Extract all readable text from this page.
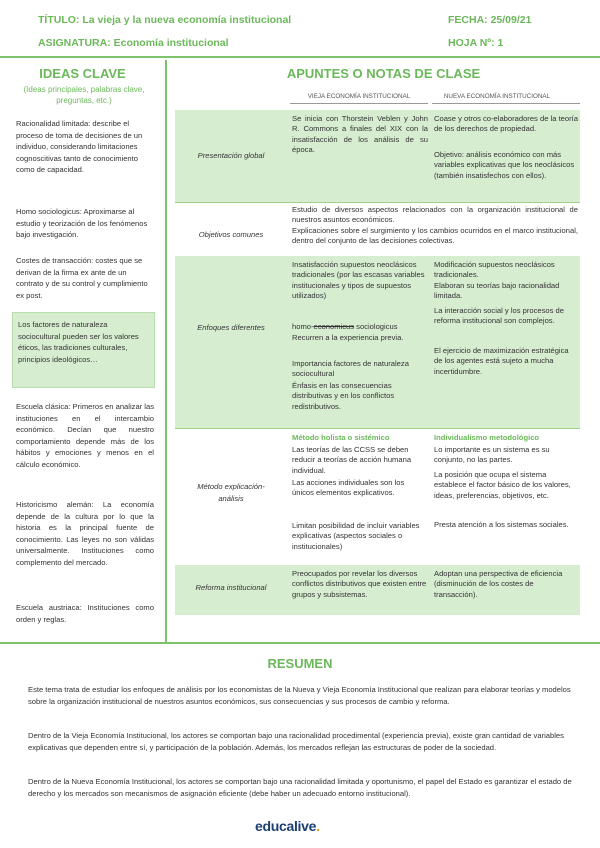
TÍTULO: La vieja y la nueva economía institucional
ASIGNATURA: Economía institucional
FECHA: 25/09/21
HOJA Nº: 1
IDEAS CLAVE
(Ideas principales, palabras clave, preguntas, etc.)
Racionalidad limitada: describe el proceso de toma de decisiones de un individuo, considerando limitaciones cognoscitivas tanto de conocimiento como de capacidad.
Homo sociologicus: Aproximarse al estudio y teorización de los fenómenos bajo investigación.
Costes de transacción: costes que se derivan de la firma ex ante de un contrato y de su control y cumplimiento ex post.
Los factores de naturaleza sociocultural pueden ser los valores éticos, las tradiciones culturales, principios ideológicos…
Escuela clásica: Primeros en analizar las instituciones en el intercambio económico. Decían que nuestro comportamiento depende más de los hábitos y emociones y menos en el cálculo económico.
Historicismo alemán: La economía depende de la cultura por lo que la historia es la principal fuente de conocimiento. Las leyes no son válidas universalmente. Instituciones como complemento del mercado.
Escuela austriaca: Instituciones como orden y reglas.
APUNTES O NOTAS DE CLASE
VIEJA ECONOMÍA INSTITUCIONAL	NUEVA ECONOMÍA INSTITUCIONAL
Presentación global
Se inicia con Thorstein Veblen y John R. Commons a finales del XIX con la insatisfacción de los análisis de su época.
Coase y otros co-elaboradores de la teoría de los derechos de propiedad.
Objetivo: análisis económico con más variables explicativas que los neoclásicos (también insatisfechos con ellos).
Objetivos comunes
Estudio de diversos aspectos relacionados con la organización institucional de nuestros asuntos económicos.
Explicaciones sobre el surgimiento y los cambios ocurridos en el marco institucional, dentro del conjunto de las decisiones colectivas.
Enfoques diferentes
Insatisfacción supuestos neoclásicos tradicionales (por las escasas variables institucionales y tipos de supuestos utilizados)
homo-economicus sociologicus
Recurren a la experiencia previa.
Importancia factores de naturaleza sociocultural
Énfasis en las consecuencias distributivas y en los conflictos redistributivos.
Modificación supuestos neoclásicos tradicionales.
Elaboran su teorías bajo racionalidad limitada.
La interacción social y los procesos de reforma institucional son complejos.
El ejercicio de maximización estratégica de los agentes está sujeto a mucha incertidumbre.
Método explicación-
análisis
Método holista o sistémico
Las teorías de las CCSS se deben reducir a teorías de acción humana individual.
Las acciones individuales son los únicos elementos explicativos.
Limitan posibilidad de incluir variables explicativas (aspectos sociales o institucionales)
Individualismo metodológico
Lo importante es un sistema es su conjunto, no las partes.
La posición que ocupa el sistema establece el factor básico de los valores, ideas, preferencias, objetivos, etc.
Presta atención a los sistemas sociales.
Reforma institucional
Preocupados por revelar los diversos conflictos distributivos que existen entre grupos y subsistemas.
Adoptan una perspectiva de eficiencia (disminución de los costes de transacción).
RESUMEN
Este tema trata de estudiar los enfoques de análisis por los economistas de la Nueva y Vieja Economía Institucional que realizan para elaborar teorías y modelos sobre la organización institucional de nuestros asuntos económicos, sus consecuencias y sus procesos de cambio y reforma.
Dentro de la Vieja Economía Institucional, los actores se comportan bajo una racionalidad procedimental (experiencia previa), existe gran cantidad de variables explicativas que dependen entre sí, y participación de la población. Además, los mercados reflejan las estructuras de poder de la sociedad.
Dentro de la Nueva Economía Institucional, los actores se comportan bajo una racionalidad limitada y oportunismo, el papel del Estado es garantizar el estado de derecho y los mercados son mecanismos de asignación eficiente (debe haber un adecuado entorno institucional).
educalive.
